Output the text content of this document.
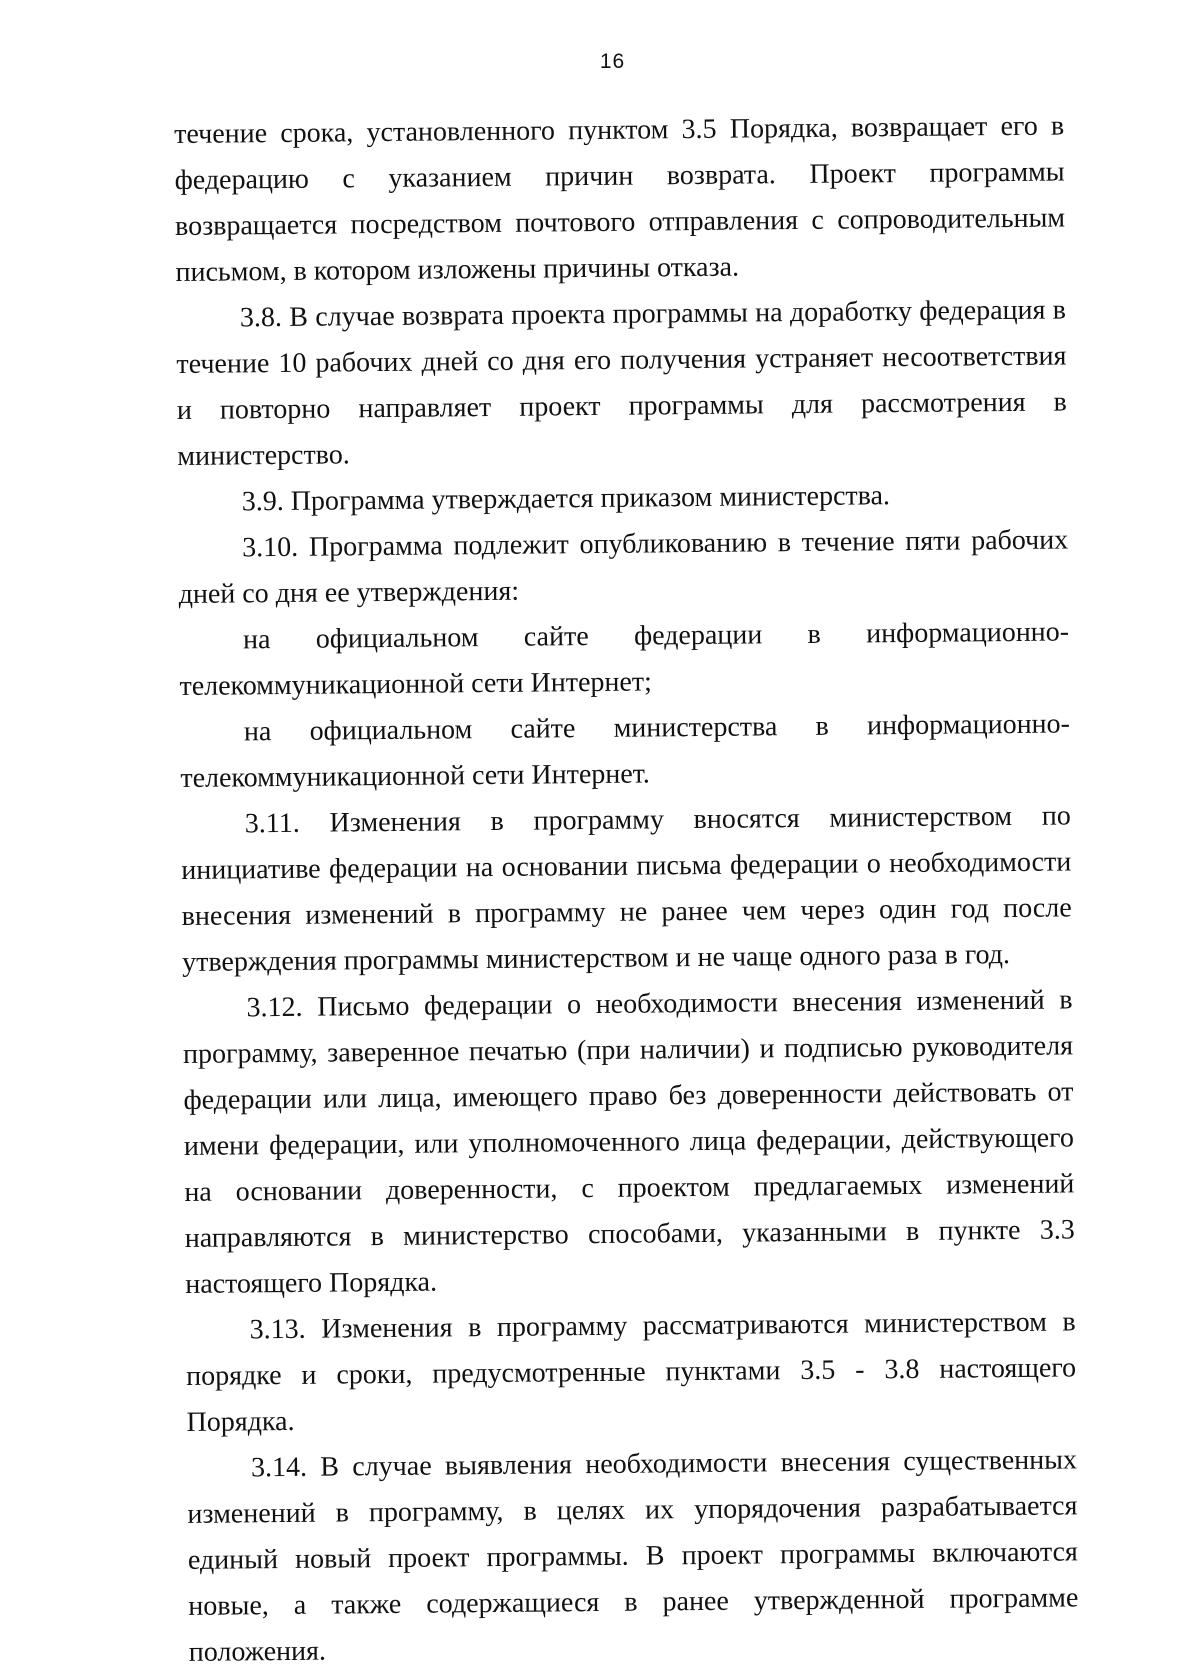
16

течение срока, установленного пунктом 3.5 Порядка, возвращает его в федерацию с указанием причин возврата. Проект программы возвращается посредством почтового отправления с сопроводительным письмом, в котором изложены причины отказа.

3.8. В случае возврата проекта программы на доработку федерация в течение 10 рабочих дней со дня его получения устраняет несоответствия и повторно направляет проект программы для рассмотрения в министерство.

3.9. Программа утверждается приказом министерства.

3.10. Программа подлежит опубликованию в течение пяти рабочих дней со дня ее утверждения:

на официальном сайте федерации в информационно-

телекоммуникационной сети Интернет;

на официальном сайте министерства в информационно-

телекоммуникационной сети Интернет.

3.11. Изменения в программу вносятся министерством по инициативе федерации на основании письма федерации о необходимости внесения изменений в программу не ранее чем через один год после утверждения программы министерством и не чаще одного раза в год.

3.12. Письмо федерации о необходимости внесения изменений в программу, заверенное печатью (при наличии) и подписью руководителя федерации или лица, имеющего право без доверенности действовать от имени федерации, или уполномоченного лица федерации, действующего на основании доверенности, с проектом предлагаемых изменений направляются в министерство способами, указанными в пункте 3.3 настоящего Порядка.

3.13. Изменения в программу рассматриваются министерством в порядке и сроки, предусмотренные пунктами 3.5 - 3.8 настоящего Порядка.

3.14. В случае выявления необходимости внесения существенных изменений в программу, в целях их упорядочения разрабатывается единый новый проект программы. В проект программы включаются новые, а также содержащиеся в ранее утвержденной программе положения.
